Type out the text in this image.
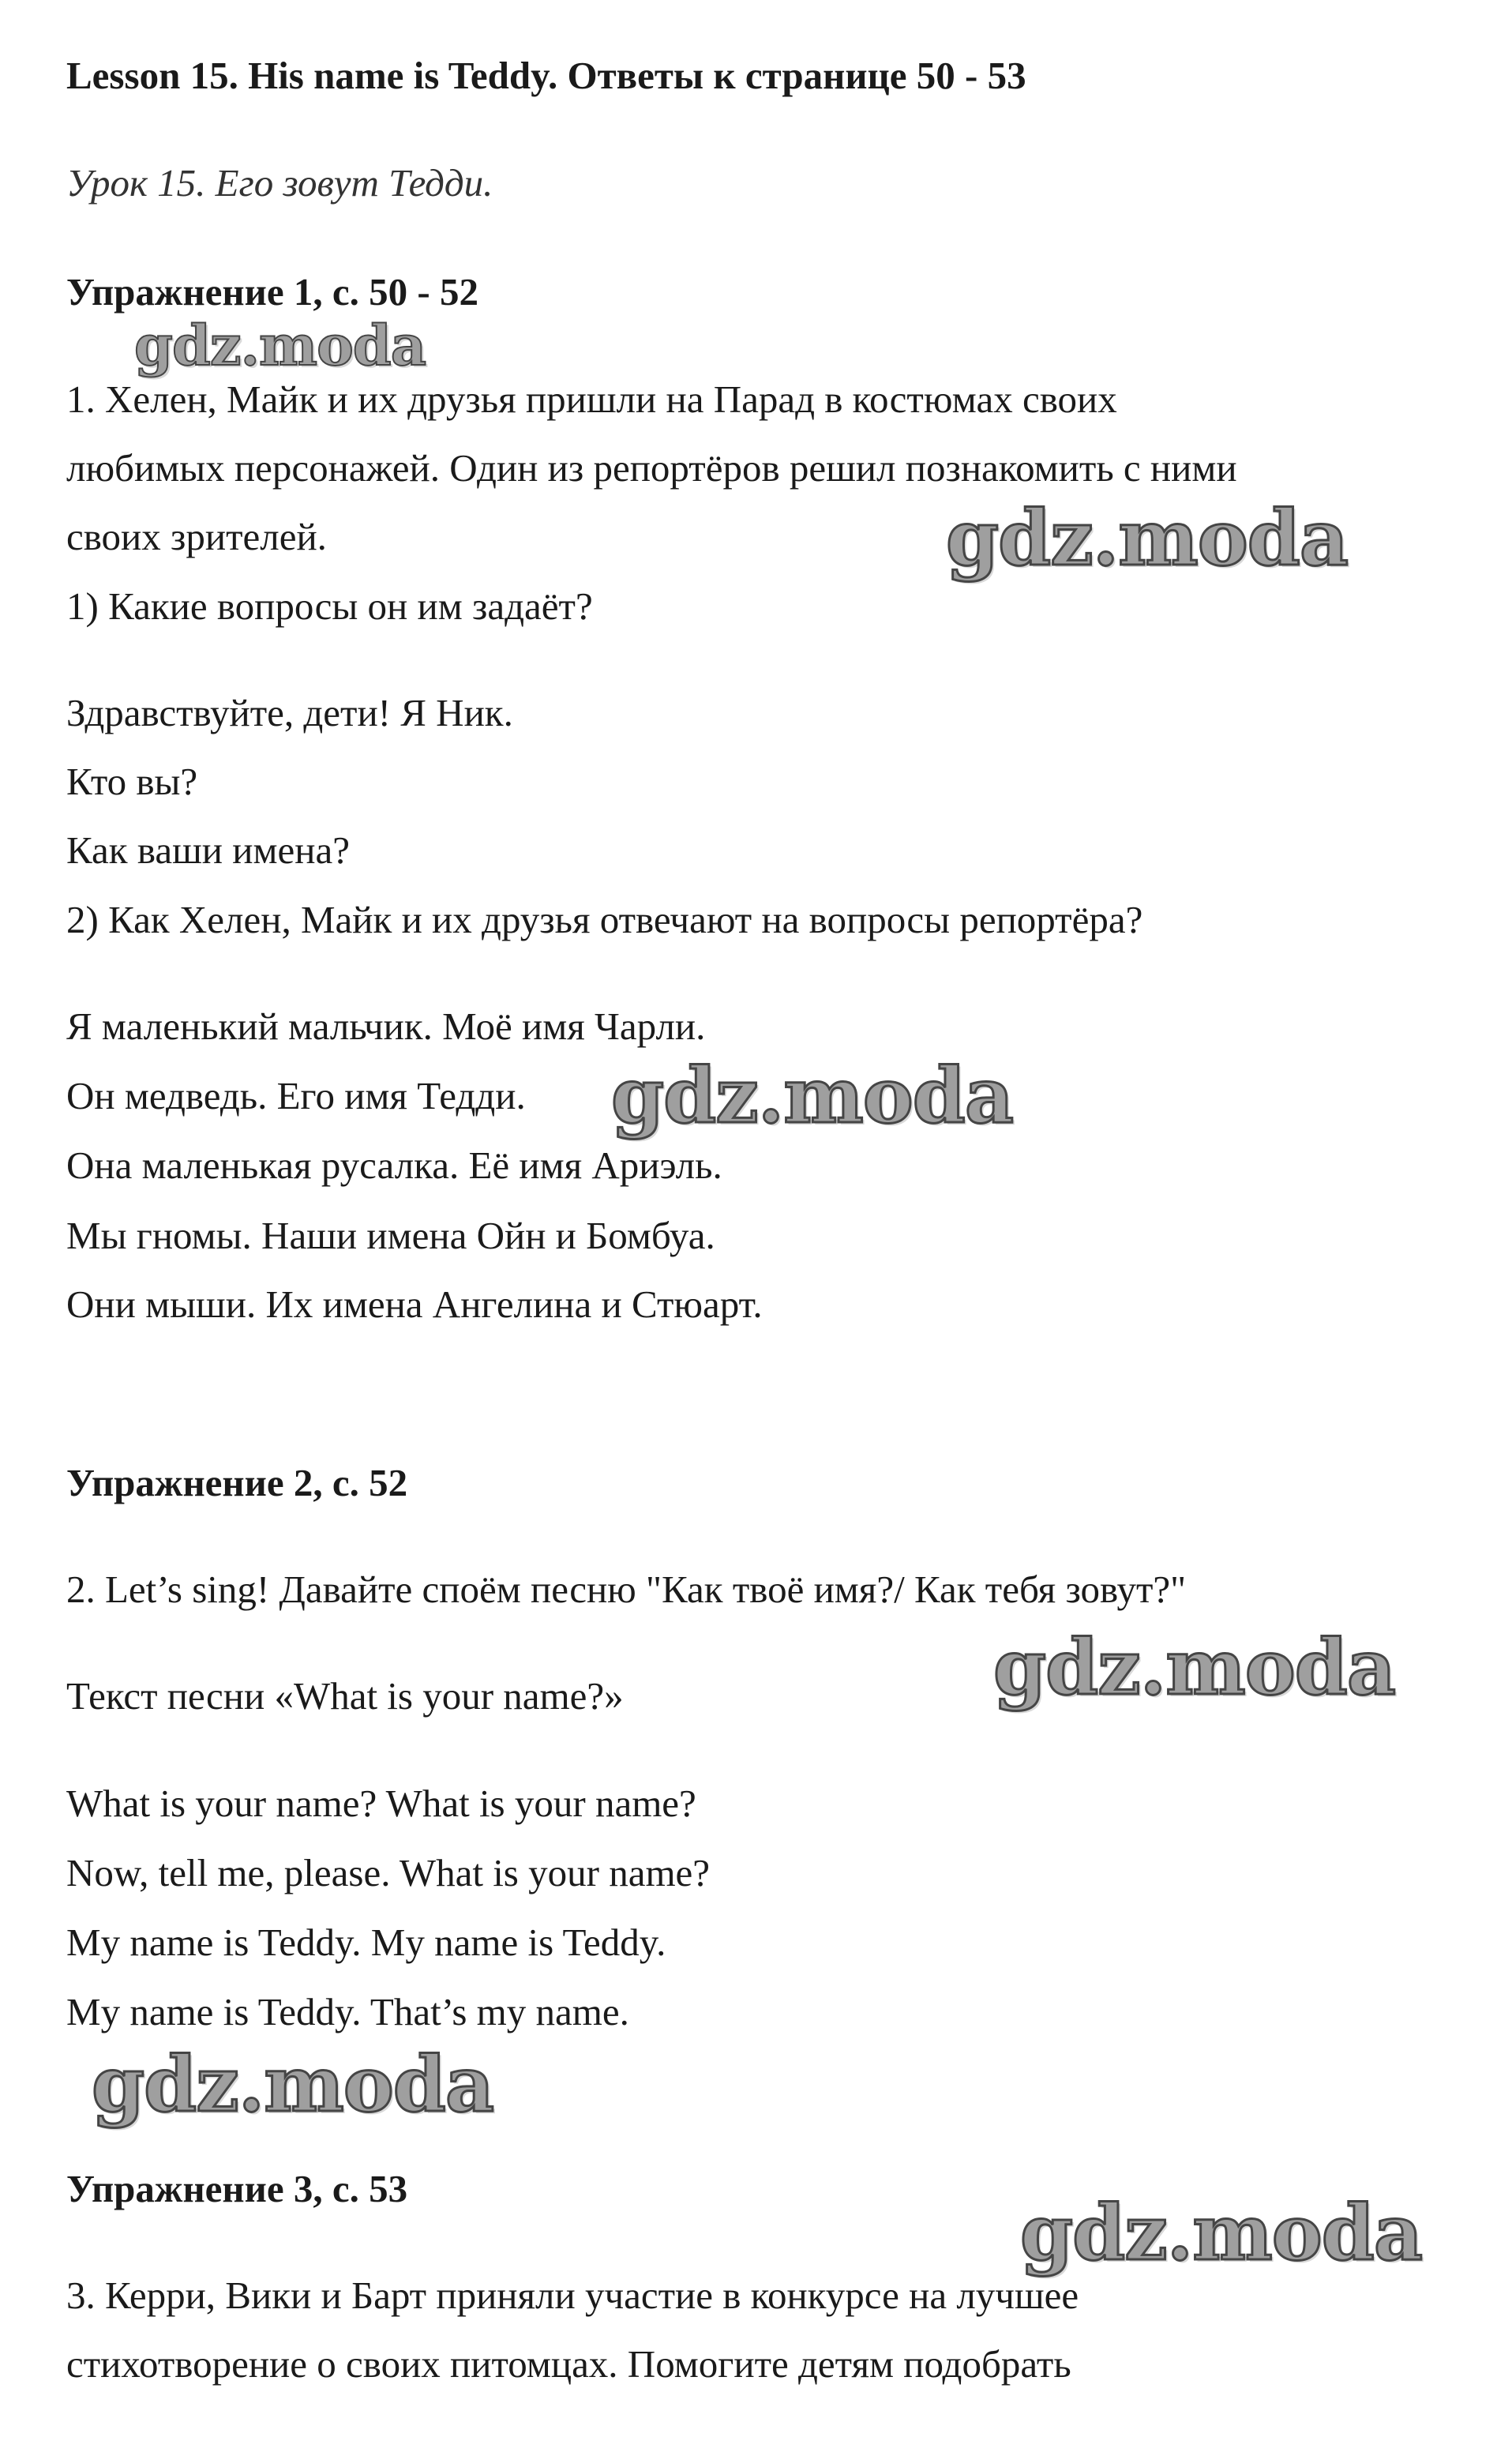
Lesson 15. His name is Teddy. Ответы к странице 50 - 53
Урок 15. Его зовут Тедди.
Упражнение 1, с. 50 - 52
1. Хелен, Майк и их друзья пришли на Парад в костюмах своих
любимых персонажей. Один из репортёров решил познакомить с ними
своих зрителей.
1) Какие вопросы он им задаёт?
Здравствуйте, дети! Я Ник.
Кто вы?
Как ваши имена?
2) Как Хелен, Майк и их друзья отвечают на вопросы репортёра?
Я маленький мальчик. Моё имя Чарли.
Он медведь. Его имя Тедди.
Она маленькая русалка. Её имя Ариэль.
Мы гномы. Наши имена Ойн и Бомбуа.
Они мыши. Их имена Ангелина и Стюарт.
Упражнение 2, с. 52
2. Let’s sing! Давайте споём песню "Как твоё имя?/ Как тебя зовут?"
Текст песни «What is your name?»
What is your name? What is your name?
Now, tell me, please. What is your name?
My name is Teddy. My name is Teddy.
My name is Teddy. That’s my name.
Упражнение 3, с. 53
3. Керри, Вики и Барт приняли участие в конкурсе на лучшее
стихотворение о своих питомцах. Помогите детям подобрать
gdz.moda
gdz.moda
gdz.moda
gdz.moda
gdz.moda
gdz.moda
